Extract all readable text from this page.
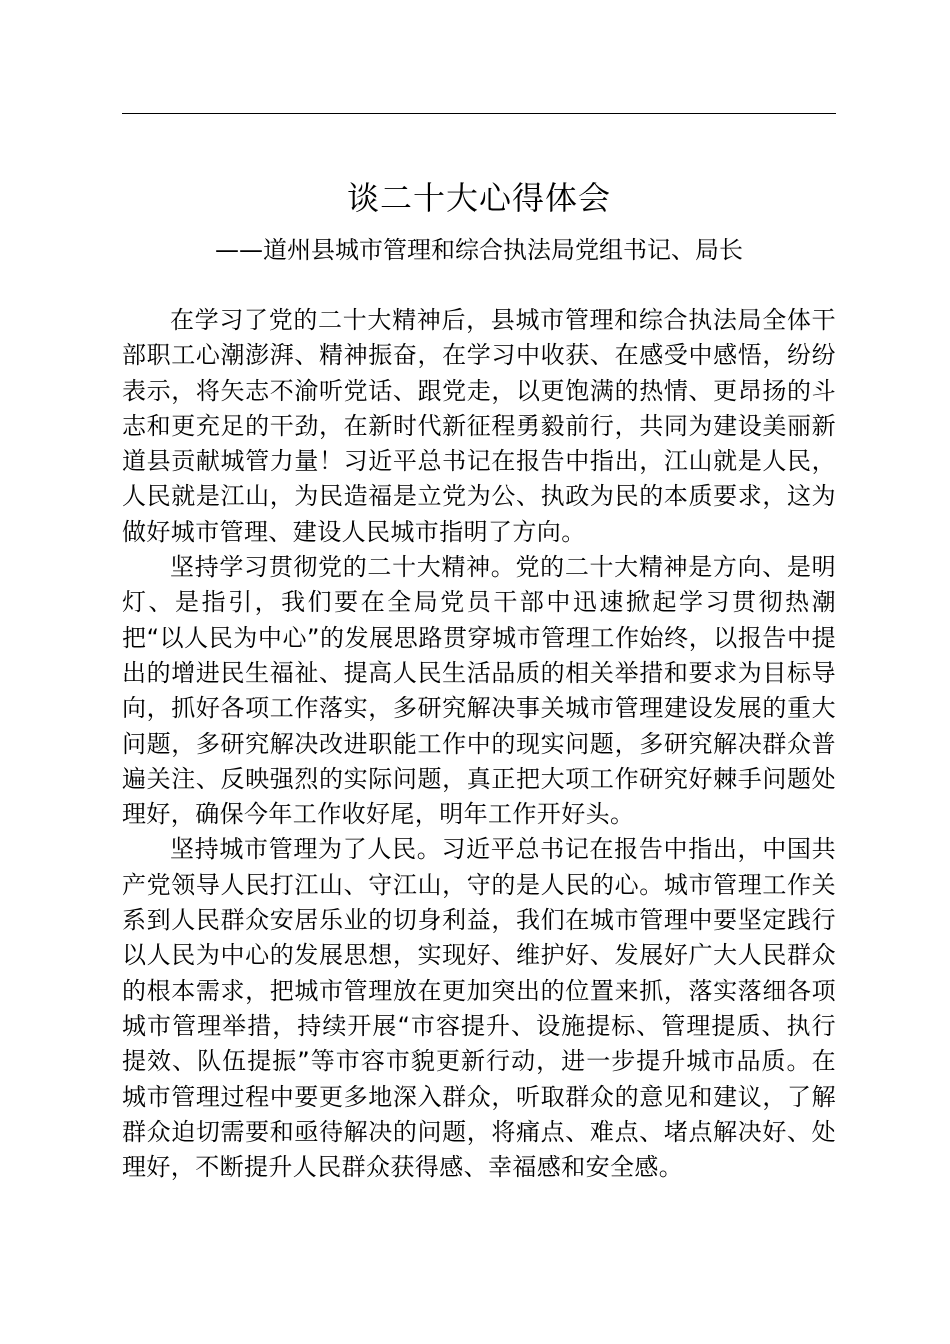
谈二十大心得体会
——道州县城市管理和综合执法局党组书记、局长

在学习了党的二十大精神后，县城市管理和综合执法局全体干部职工心潮澎湃、精神振奋，在学习中收获、在感受中感悟，纷纷表示，将矢志不渝听党话、跟党走，以更饱满的热情、更昂扬的斗志和更充足的干劲，在新时代新征程勇毅前行，共同为建设美丽新道县贡献城管力量！习近平总书记在报告中指出，江山就是人民，人民就是江山，为民造福是立党为公、执政为民的本质要求，这为做好城市管理、建设人民城市指明了方向。

坚持学习贯彻党的二十大精神。党的二十大精神是方向、是明灯、是指引，我们要在全局党员干部中迅速掀起学习贯彻热潮把“以人民为中心”的发展思路贯穿城市管理工作始终，以报告中提出的增进民生福祉、提高人民生活品质的相关举措和要求为目标导向，抓好各项工作落实，多研究解决事关城市管理建设发展的重大问题，多研究解决改进职能工作中的现实问题，多研究解决群众普遍关注、反映强烈的实际问题，真正把大项工作研究好棘手问题处理好，确保今年工作收好尾，明年工作开好头。

坚持城市管理为了人民。习近平总书记在报告中指出，中国共产党领导人民打江山、守江山，守的是人民的心。城市管理工作关系到人民群众安居乐业的切身利益，我们在城市管理中要坚定践行以人民为中心的发展思想，实现好、维护好、发展好广大人民群众的根本需求，把城市管理放在更加突出的位置来抓，落实落细各项城市管理举措，持续开展“市容提升、设施提标、管理提质、执行提效、队伍提振”等市容市貌更新行动，进一步提升城市品质。在城市管理过程中要更多地深入群众，听取群众的意见和建议，了解群众迫切需要和亟待解决的问题，将痛点、难点、堵点解决好、处理好，不断提升人民群众获得感、幸福感和安全感。
